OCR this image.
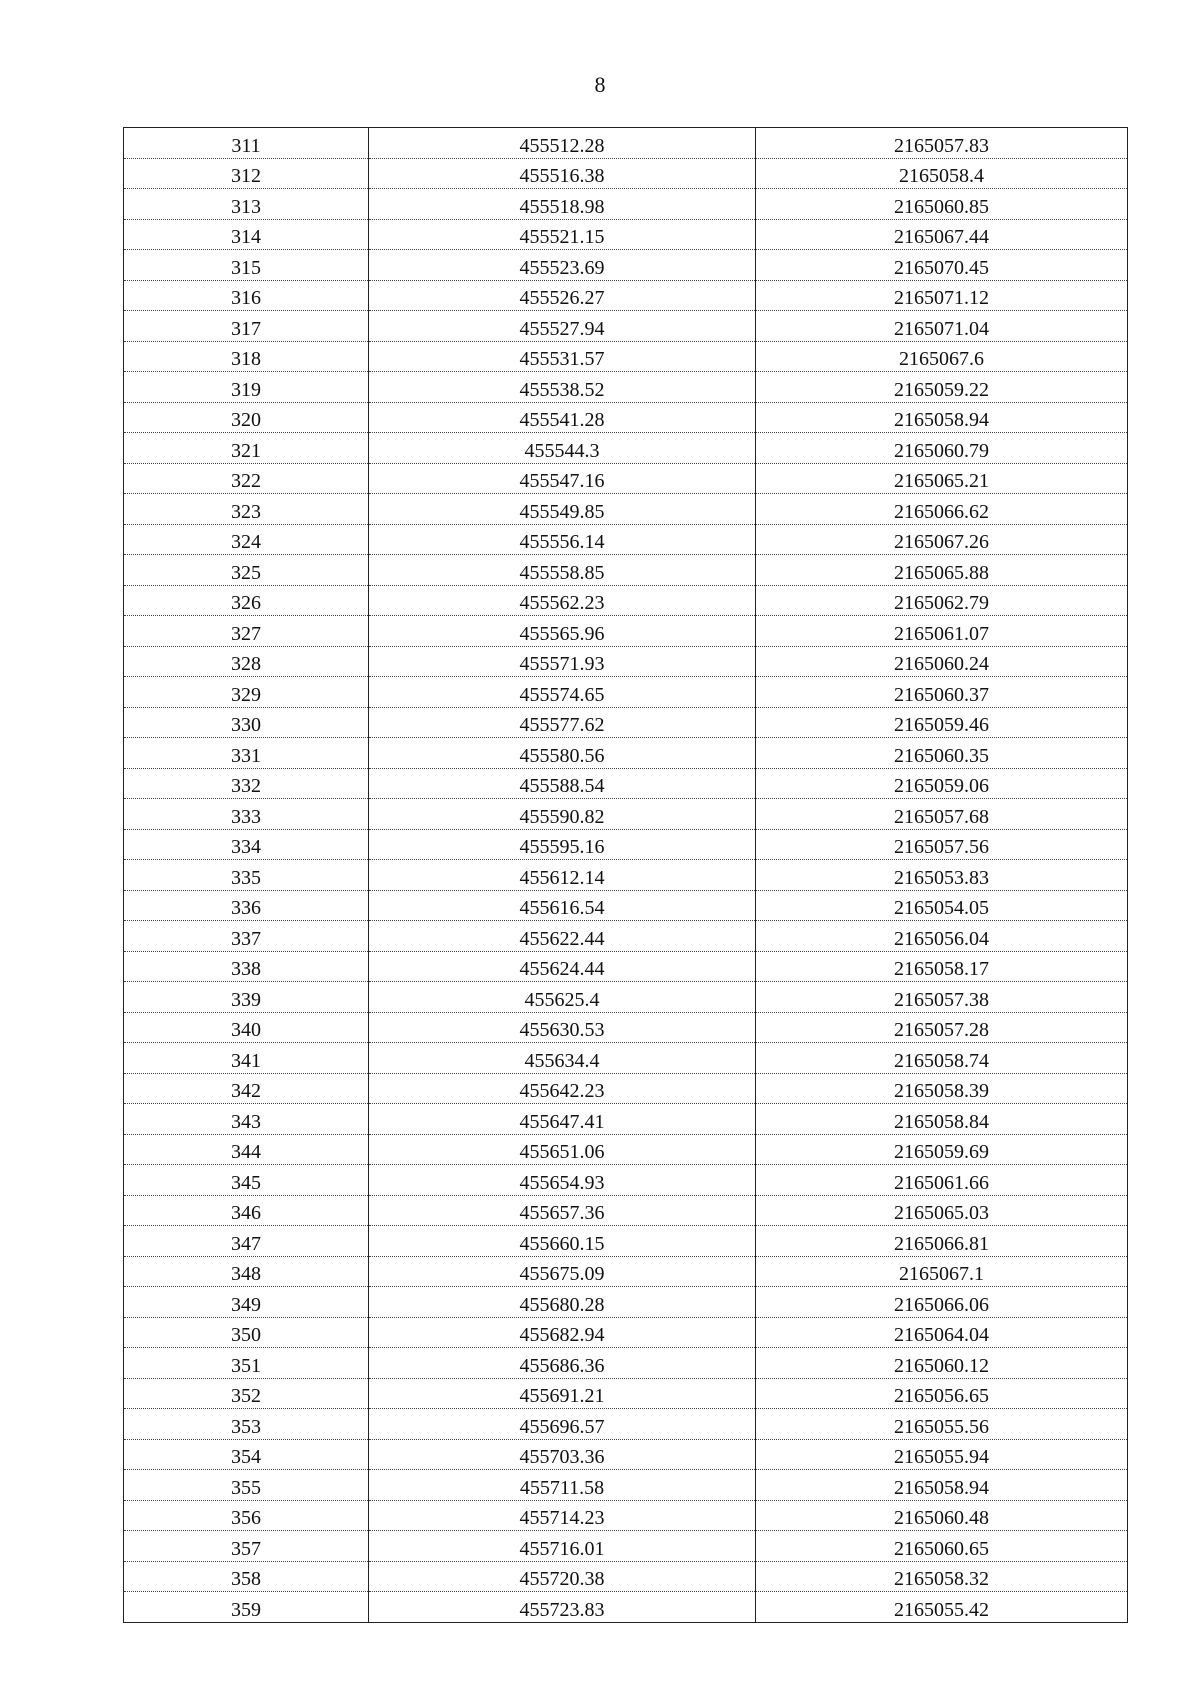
8
311	455512.28	2165057.83
312	455516.38	2165058.4
313	455518.98	2165060.85
314	455521.15	2165067.44
315	455523.69	2165070.45
316	455526.27	2165071.12
317	455527.94	2165071.04
318	455531.57	2165067.6
319	455538.52	2165059.22
320	455541.28	2165058.94
321	455544.3	2165060.79
322	455547.16	2165065.21
323	455549.85	2165066.62
324	455556.14	2165067.26
325	455558.85	2165065.88
326	455562.23	2165062.79
327	455565.96	2165061.07
328	455571.93	2165060.24
329	455574.65	2165060.37
330	455577.62	2165059.46
331	455580.56	2165060.35
332	455588.54	2165059.06
333	455590.82	2165057.68
334	455595.16	2165057.56
335	455612.14	2165053.83
336	455616.54	2165054.05
337	455622.44	2165056.04
338	455624.44	2165058.17
339	455625.4	2165057.38
340	455630.53	2165057.28
341	455634.4	2165058.74
342	455642.23	2165058.39
343	455647.41	2165058.84
344	455651.06	2165059.69
345	455654.93	2165061.66
346	455657.36	2165065.03
347	455660.15	2165066.81
348	455675.09	2165067.1
349	455680.28	2165066.06
350	455682.94	2165064.04
351	455686.36	2165060.12
352	455691.21	2165056.65
353	455696.57	2165055.56
354	455703.36	2165055.94
355	455711.58	2165058.94
356	455714.23	2165060.48
357	455716.01	2165060.65
358	455720.38	2165058.32
359	455723.83	2165055.42
